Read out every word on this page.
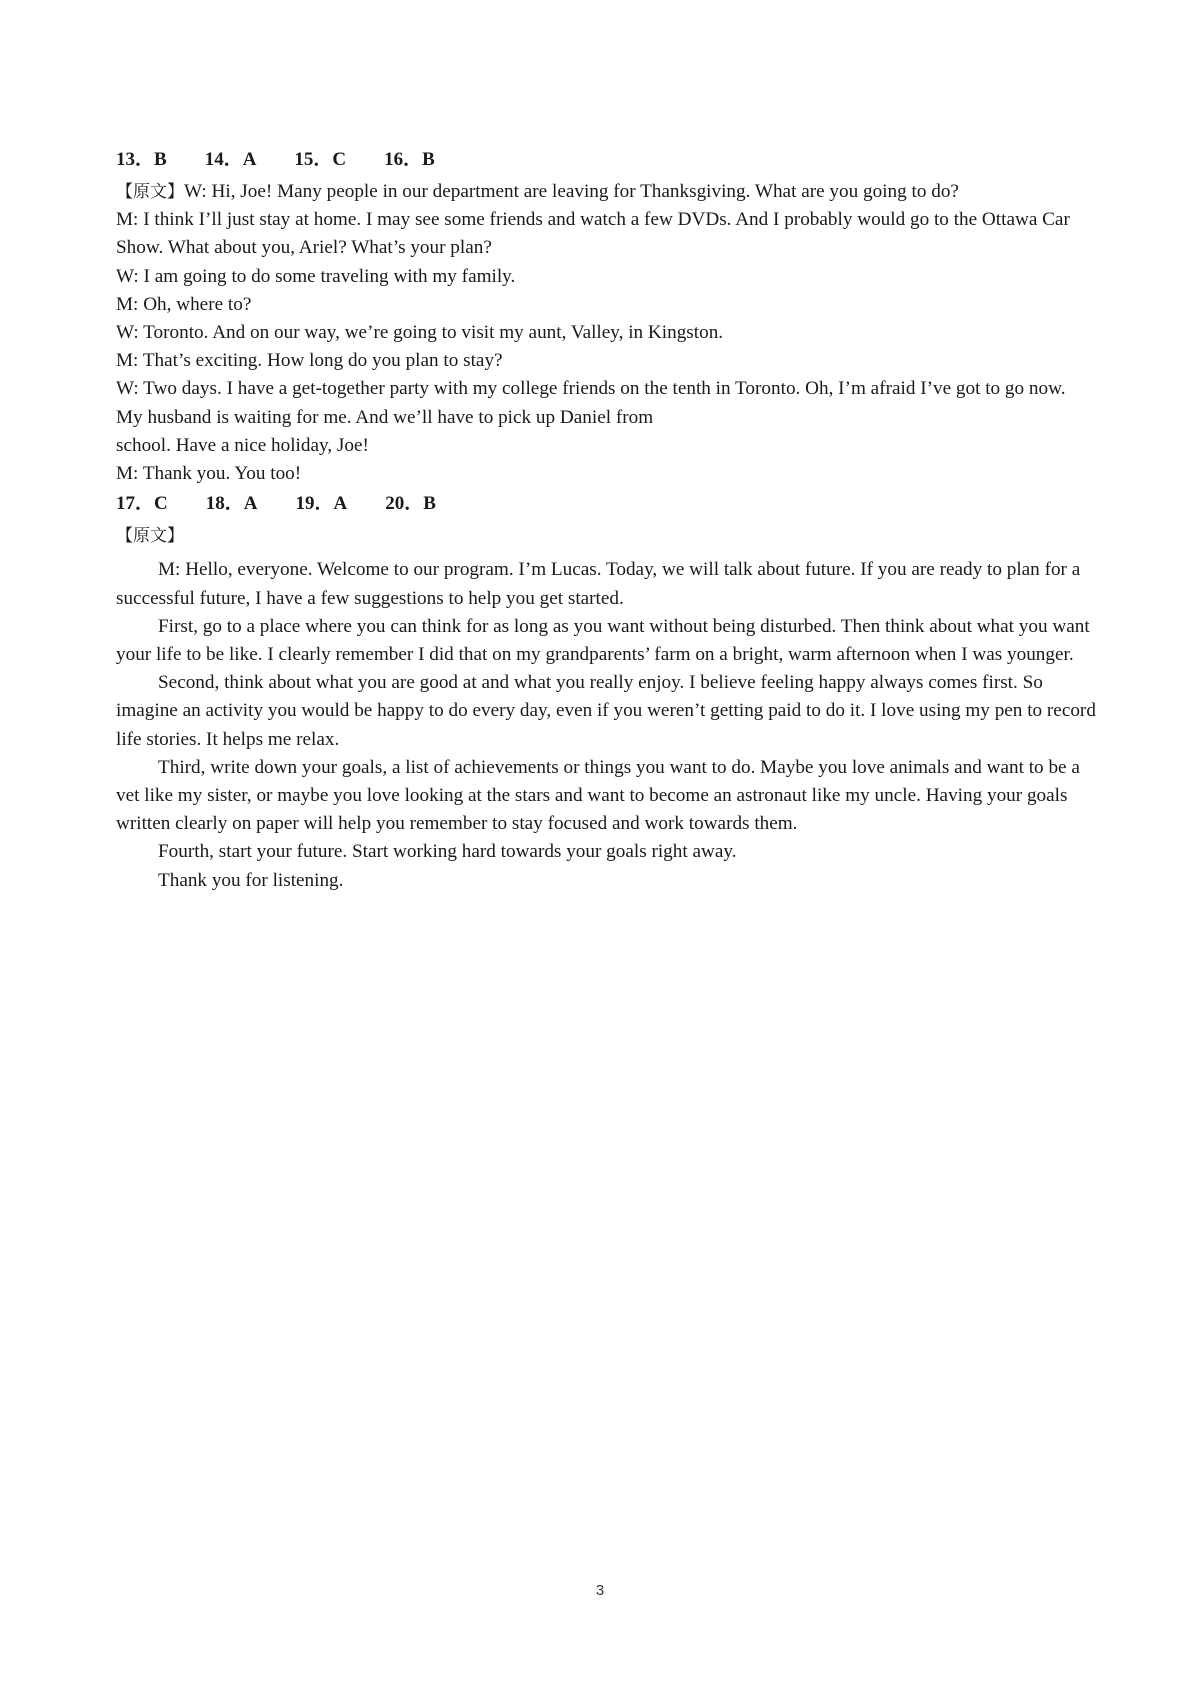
13．B 14．A 15．C 16．B

【原文】W: Hi, Joe! Many people in our department are leaving for Thanksgiving. What are you going to do?

M: I think I’ll just stay at home. I may see some friends and watch a few DVDs. And I probably would go to the Ottawa Car Show. What about you, Ariel? What’s your plan?

W: I am going to do some traveling with my family.

M: Oh, where to?

W: Toronto. And on our way, we’re going to visit my aunt, Valley, in Kingston.

M: That’s exciting. How long do you plan to stay?

W: Two days. I have a get-together party with my college friends on the tenth in Toronto. Oh, I’m afraid I’ve got to go now. My husband is waiting for me. And we’ll have to pick up Daniel from

school. Have a nice holiday, Joe!

M: Thank you. You too!

17．C 18．A 19．A 20．B

【原文】

M: Hello, everyone. Welcome to our program. I’m Lucas. Today, we will talk about future. If you are ready to plan for a successful future, I have a few suggestions to help you get started.

First, go to a place where you can think for as long as you want without being disturbed. Then think about what you want your life to be like. I clearly remember I did that on my grandparents’ farm on a bright, warm afternoon when I was younger.

Second, think about what you are good at and what you really enjoy. I believe feeling happy always comes first. So imagine an activity you would be happy to do every day, even if you weren’t getting paid to do it. I love using my pen to record life stories. It helps me relax.

Third, write down your goals, a list of achievements or things you want to do. Maybe you love animals and want to be a vet like my sister, or maybe you love looking at the stars and want to become an astronaut like my uncle. Having your goals written clearly on paper will help you remember to stay focused and work towards them.

Fourth, start your future. Start working hard towards your goals right away.

Thank you for listening.

3
